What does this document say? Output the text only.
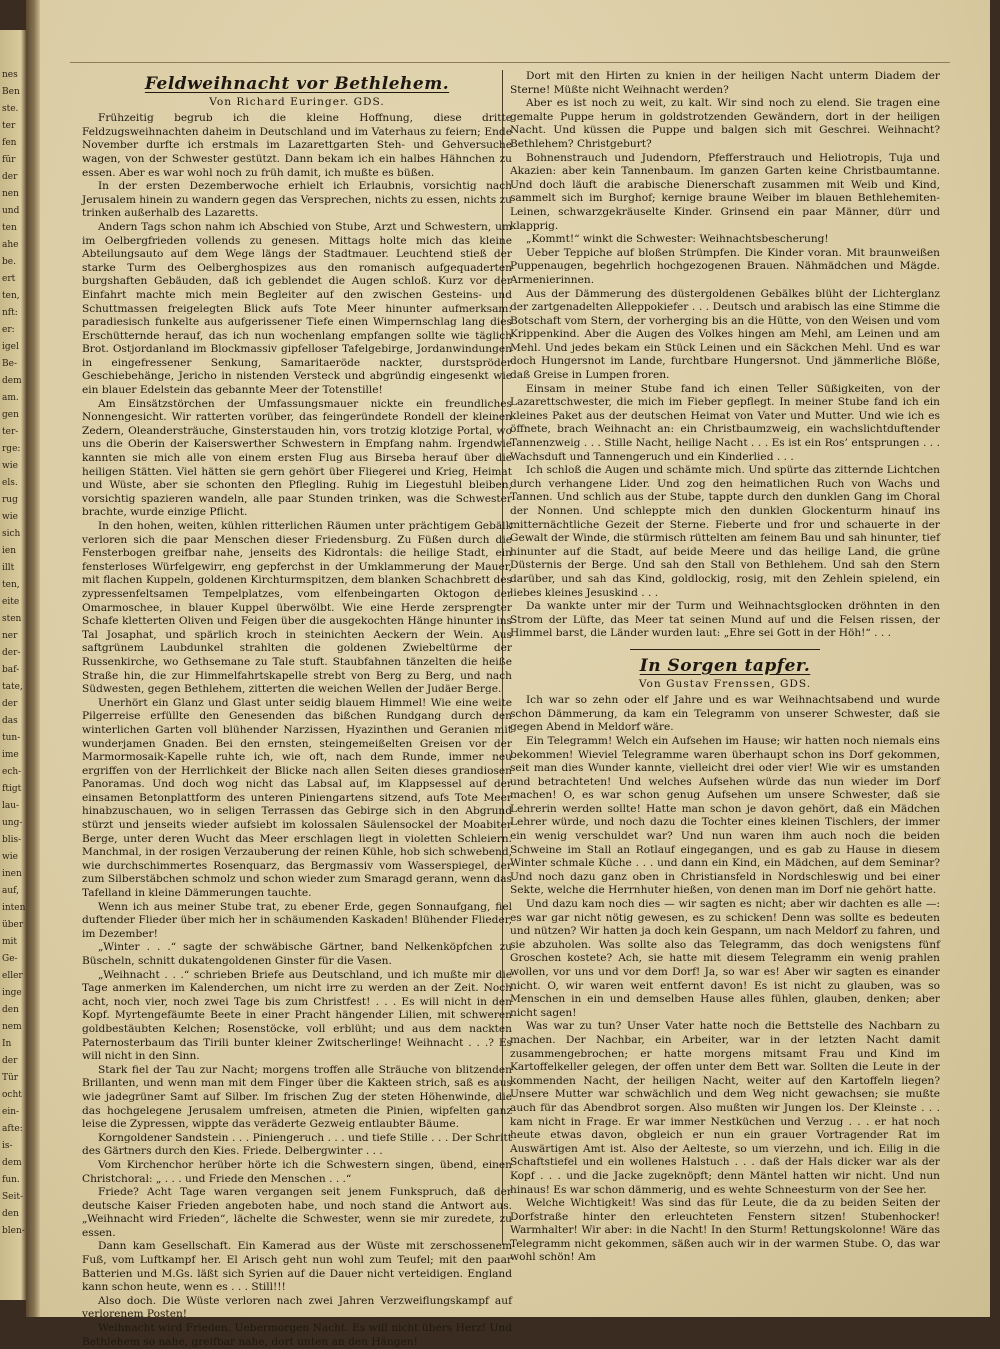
nes
Ben
ste.
ter
fen
für
der
nen
und
ten
ahe
be.
ert
ten,
nft:
er:
igel
Be-
dem
am.
gen
ter-
rge:
wie
els.
rug
wie
sich
ien
illt
ten,
eite
sten
ner
der-
baf-
tate,
der
das
tun-
ime
ech-
ftigt
lau-
ung-
blis-
wie
inen
auf,
inten
über
mit
Ge-
eller
inge
den
nem
In
der
Tür
ocht
ein-
afte:
is-
dem
fun.
Seit-
den
blen-
Feldweihnacht vor Bethlehem.
Von Richard Euringer. GDS.

Frühzeitig begrub ich die kleine Hoffnung, diese dritte Feldzugsweihnachten daheim in Deutschland und im Vaterhaus zu feiern; Ende November durfte ich erstmals im Lazarettgarten Steh- und Gehversuche wagen, von der Schwester gestützt. Dann bekam ich ein halbes Hähnchen zu essen. Aber es war wohl noch zu früh damit, ich mußte es büßen.

In der ersten Dezemberwoche erhielt ich Erlaubnis, vorsichtig nach Jerusalem hinein zu wandern gegen das Versprechen, nichts zu essen, nichts zu trinken außerhalb des Lazaretts.

Andern Tags schon nahm ich Abschied von Stube, Arzt und Schwestern, um im Oelbergfrieden vollends zu genesen. Mittags holte mich das kleine Abteilungsauto auf dem Wege längs der Stadtmauer. Leuchtend stieß der starke Turm des Oelberghospizes aus den romanisch aufgequaderten burgshaften Gebäuden, daß ich geblendet die Augen schloß. Kurz vor der Einfahrt machte mich mein Begleiter auf den zwischen Gesteins- und Schuttmassen freigelegten Blick aufs Tote Meer hinunter aufmerksam: paradiesisch funkelte aus aufgerissener Tiefe einen Wimpernschlag lang dies Erschütternde herauf, das ich nun wochenlang empfangen sollte wie täglich Brot. Ostjordanland im Blockmassiv gipfelloser Tafelgebirge, Jordanwindungen in eingefressener Senkung, Samaritaeröde nackter, durstspröder Geschiebehänge, Jericho in nistenden Versteck und abgründig eingesenkt wie ein blauer Edelstein das gebannte Meer der Totenstille!

Am Einsätzstörchen der Umfassungsmauer nickte ein freundliches Nonnengesicht. Wir ratterten vorüber, das feingeründete Rondell der kleinen Zedern, Oleandersträuche, Ginsterstauden hin, vors trotzig klotzige Portal, wo uns die Oberin der Kaiserswerther Schwestern in Empfang nahm. Irgendwie kannten sie mich alle von einem ersten Flug aus Birseba herauf über die heiligen Stätten. Viel hätten sie gern gehört über Fliegerei und Krieg, Heimat und Wüste, aber sie schonten den Pflegling. Ruhig im Liegestuhl bleiben, vorsichtig spazieren wandeln, alle paar Stunden trinken, was die Schwester brachte, wurde einzige Pflicht.

In den hohen, weiten, kühlen ritterlichen Räumen unter prächtigem Gebälk verloren sich die paar Menschen dieser Friedensburg. Zu Füßen durch die Fensterbogen greifbar nahe, jenseits des Kidrontals: die heilige Stadt, ein fensterloses Würfelgewirr, eng gepferchst in der Umklammerung der Mauer, mit flachen Kuppeln, goldenen Kirchturmspitzen, dem blanken Schachbrett des zypressenfeltsamen Tempelplatzes, vom elfenbeingarten Oktogon der Omarmoschee, in blauer Kuppel überwölbt. Wie eine Herde zersprengter Schafe kletterten Oliven und Feigen über die ausgekochten Hänge hinunter ins Tal Josaphat, und spärlich kroch in steinichten Aeckern der Wein. Aus saftgrünem Laubdunkel strahlten die goldenen Zwiebeltürme der Russenkirche, wo Gethsemane zu Tale stuft. Staubfahnen tänzelten die heiße Straße hin, die zur Himmelfahrtskapelle strebt von Berg zu Berg, und nach Südwesten, gegen Bethlehem, zitterten die weichen Wellen der Judäer Berge.

Unerhört ein Glanz und Glast unter seidig blauem Himmel! Wie eine weite Pilgerreise erfüllte den Genesenden das bißchen Rundgang durch den winterlichen Garten voll blühender Narzissen, Hyazinthen und Geranien mit wunderjamen Gnaden. Bei den ernsten, steingemeißelten Greisen vor der Marmormosaik-Kapelle ruhte ich, wie oft, nach dem Runde, immer neu ergriffen von der Herrlichkeit der Blicke nach allen Seiten dieses grandiosen Panoramas. Und doch wog nicht das Labsal auf, im Klappsessel auf der einsamen Betonplattform des unteren Piniengartens sitzend, aufs Tote Meer hinabzuschauen, wo in seligen Terrassen das Gebirge sich in den Abgrund stürzt und jenseits wieder aufsiebt im kolossalen Säulensockel der Moabiter Berge, unter deren Wucht das Meer erschlagen liegt in violetten Schleiern. Manchmal, in der rosigen Verzauberung der reinen Kühle, hob sich schwebend, wie durchschimmertes Rosenquarz, das Bergmassiv vom Wasserspiegel, der zum Silberstäbchen schmolz und schon wieder zum Smaragd gerann, wenn das Tafelland in kleine Dämmerungen tauchte.

Wenn ich aus meiner Stube trat, zu ebener Erde, gegen Sonnaufgang, fiel duftender Flieder über mich her in schäumenden Kaskaden! Blühender Flieder, im Dezember!

„Winter . . .“ sagte der schwäbische Gärtner, band Nelkenköpfchen zu Büscheln, schnitt dukatengoldenen Ginster für die Vasen.

„Weihnacht . . .“ schrieben Briefe aus Deutschland, und ich mußte mir die Tage anmerken im Kalenderchen, um nicht irre zu werden an der Zeit. Noch acht, noch vier, noch zwei Tage bis zum Christfest! . . . Es will nicht in den Kopf. Myrtengefäumte Beete in einer Pracht hängender Lilien, mit schweren goldbestäubten Kelchen; Rosenstöcke, voll erblüht; und aus dem nackten Paternosterbaum das Tirili bunter kleiner Zwitscherlinge! Weihnacht . . .? Es will nicht in den Sinn.

Stark fiel der Tau zur Nacht; morgens troffen alle Sträuche von blitzenden Brillanten, und wenn man mit dem Finger über die Kakteen strich, saß es aus wie jadegrüner Samt auf Silber. Im frischen Zug der steten Höhenwinde, die das hochgelegene Jerusalem umfreisen, atmeten die Pinien, wipfelten ganz leise die Zypressen, wippte das veräderte Gezweig entlaubter Bäume.

Korngoldener Sandstein . . . Piniengeruch . . . und tiefe Stille . . . Der Schritt des Gärtners durch den Kies. Friede. Delbergwinter . . .

Vom Kirchenchor herüber hörte ich die Schwestern singen, übend, einen Christchoral: „ . . . und Friede den Menschen . . .“

Friede? Acht Tage waren vergangen seit jenem Funkspruch, daß der deutsche Kaiser Frieden angeboten habe, und noch stand die Antwort aus. „Weihnacht wird Frieden“, lächelte die Schwester, wenn sie mir zuredete, zu essen.

Dann kam Gesellschaft. Ein Kamerad aus der Wüste mit zerschossenem Fuß, vom Luftkampf her. El Arisch geht nun wohl zum Teufel; mit den paar Batterien und M.Gs. läßt sich Syrien auf die Dauer nicht verteidigen. England kann schon heute, wenn es . . . Still!!!

Also doch. Die Wüste verloren nach zwei Jahren Verzweiflungskampf auf verlorenem Posten!

Weihnacht wird Frieden. Uebermorgen Nacht. Es will nicht übers Herz! Und Bethlehem so nahe, greifbar nahe, dort unten an den Hängen!

Dort mit den Hirten zu knien in der heiligen Nacht unterm Diadem der Sterne! Müßte nicht Weihnacht werden?

Aber es ist noch zu weit, zu kalt. Wir sind noch zu elend. Sie tragen eine gemalte Puppe herum in goldstrotzenden Gewändern, dort in der heiligen Nacht. Und küssen die Puppe und balgen sich mit Geschrei. Weihnacht? Bethlehem? Christgeburt?

Bohnenstrauch und Judendorn, Pfefferstrauch und Heliotropis, Tuja und Akazien: aber kein Tannenbaum. Im ganzen Garten keine Christbaumtanne. Und doch läuft die arabische Dienerschaft zusammen mit Weib und Kind, sammelt sich im Burghof; kernige braune Weiber im blauen Bethlehemiten-Leinen, schwarzgekräuselte Kinder. Grinsend ein paar Männer, dürr und klapprig.

„Kommt!“ winkt die Schwester: Weihnachtsbescherung!

Ueber Teppiche auf bloßen Strümpfen. Die Kinder voran. Mit braunweißen Puppenaugen, begehrlich hochgezogenen Brauen. Nähmädchen und Mägde. Armenierinnen.

Aus der Dämmerung des düstergoldenen Gebälkes blüht der Lichterglanz der zartgenadelten Alleppokiefer . . . Deutsch und arabisch las eine Stimme die Botschaft vom Stern, der vorherging bis an die Hütte, von den Weisen und vom Krippenkind. Aber die Augen des Volkes hingen am Mehl, am Leinen und am Mehl. Und jedes bekam ein Stück Leinen und ein Säckchen Mehl. Und es war doch Hungersnot im Lande, furchtbare Hungersnot. Und jämmerliche Blöße, daß Greise in Lumpen froren.

Einsam in meiner Stube fand ich einen Teller Süßigkeiten, von der Lazarettschwester, die mich im Fieber gepflegt. In meiner Stube fand ich ein kleines Paket aus der deutschen Heimat von Vater und Mutter. Und wie ich es öffnete, brach Weihnacht an: ein Christbaumzweig, ein wachslichtduftender Tannenzweig . . . Stille Nacht, heilige Nacht . . . Es ist ein Ros’ entsprungen . . . Wachsduft und Tannengeruch und ein Kinderlied . . .

Ich schloß die Augen und schämte mich. Und spürte das zitternde Lichtchen durch verhangene Lider. Und zog den heimatlichen Ruch von Wachs und Tannen. Und schlich aus der Stube, tappte durch den dunklen Gang im Choral der Nonnen. Und schleppte mich den dunklen Glockenturm hinauf ins mitternächtliche Gezeit der Sterne. Fieberte und fror und schauerte in der Gewalt der Winde, die stürmisch rüttelten am feinem Bau und sah hinunter, tief hinunter auf die Stadt, auf beide Meere und das heilige Land, die grüne Düsternis der Berge. Und sah den Stall von Bethlehem. Und sah den Stern darüber, und sah das Kind, goldlockig, rosig, mit den Zehlein spielend, ein liebes kleines Jesuskind . . .

Da wankte unter mir der Turm und Weihnachtsglocken dröhnten in den Strom der Lüfte, das Meer tat seinen Mund auf und die Felsen rissen, der Himmel barst, die Länder wurden laut: „Ehre sei Gott in der Höh!“ . . .

In Sorgen tapfer.
Von Gustav Frenssen, GDS.

Ich war so zehn oder elf Jahre und es war Weihnachtsabend und wurde schon Dämmerung, da kam ein Telegramm von unserer Schwester, daß sie gegen Abend in Meldorf wäre.

Ein Telegramm! Welch ein Aufsehen im Hause; wir hatten noch niemals eins bekommen! Wieviel Telegramme waren überhaupt schon ins Dorf gekommen, seit man dies Wunder kannte, vielleicht drei oder vier! Wie wir es umstanden und betrachteten! Und welches Aufsehen würde das nun wieder im Dorf machen! O, es war schon genug Aufsehen um unsere Schwester, daß sie Lehrerin werden sollte! Hatte man schon je davon gehört, daß ein Mädchen Lehrer würde, und noch dazu die Tochter eines kleinen Tischlers, der immer ein wenig verschuldet war? Und nun waren ihm auch noch die beiden Schweine im Stall an Rotlauf eingegangen, und es gab zu Hause in diesem Winter schmale Küche . . . und dann ein Kind, ein Mädchen, auf dem Seminar? Und noch dazu ganz oben in Christiansfeld in Nordschleswig und bei einer Sekte, welche die Herrnhuter hießen, von denen man im Dorf nie gehört hatte.

Und dazu kam noch dies — wir sagten es nicht; aber wir dachten es alle —: es war gar nicht nötig gewesen, es zu schicken! Denn was sollte es bedeuten und nützen? Wir hatten ja doch kein Gespann, um nach Meldorf zu fahren, und sie abzuholen. Was sollte also das Telegramm, das doch wenigstens fünf Groschen kostete? Ach, sie hatte mit diesem Telegramm ein wenig prahlen wollen, vor uns und vor dem Dorf! Ja, so war es! Aber wir sagten es einander nicht. O, wir waren weit entfernt davon! Es ist nicht zu glauben, was so Menschen in ein und demselben Hause alles fühlen, glauben, denken; aber nicht sagen!

Was war zu tun? Unser Vater hatte noch die Bettstelle des Nachbarn zu machen. Der Nachbar, ein Arbeiter, war in der letzten Nacht damit zusammengebrochen; er hatte morgens mitsamt Frau und Kind im Kartoffelkeller gelegen, der offen unter dem Bett war. Sollten die Leute in der kommenden Nacht, der heiligen Nacht, weiter auf den Kartoffeln liegen? Unsere Mutter war schwächlich und dem Weg nicht gewachsen; sie mußte auch für das Abendbrot sorgen. Also mußten wir Jungen los. Der Kleinste . . . kam nicht in Frage. Er war immer Nestküchen und Verzug . . . er hat noch heute etwas davon, obgleich er nun ein grauer Vortragender Rat im Auswärtigen Amt ist. Also der Aelteste, so um vierzehn, und ich. Eilig in die Schaftstiefel und ein wollenes Halstuch . . . daß der Hals dicker war als der Kopf . . . und die Jacke zugeknöpft; denn Mäntel hatten wir nicht. Und nun hinaus! Es war schon dämmerig, und es wehte Schneesturm von der See her.

Welche Wichtigkeit! Was sind das für Leute, die da zu beiden Seiten der Dorfstraße hinter den erleuchteten Fenstern sitzen! Stubenhocker! Warmhalter! Wir aber: in die Nacht! In den Sturm! Rettungskolonne! Wäre das Telegramm nicht gekommen, säßen auch wir in der warmen Stube. O, das war wohl schön! Am
